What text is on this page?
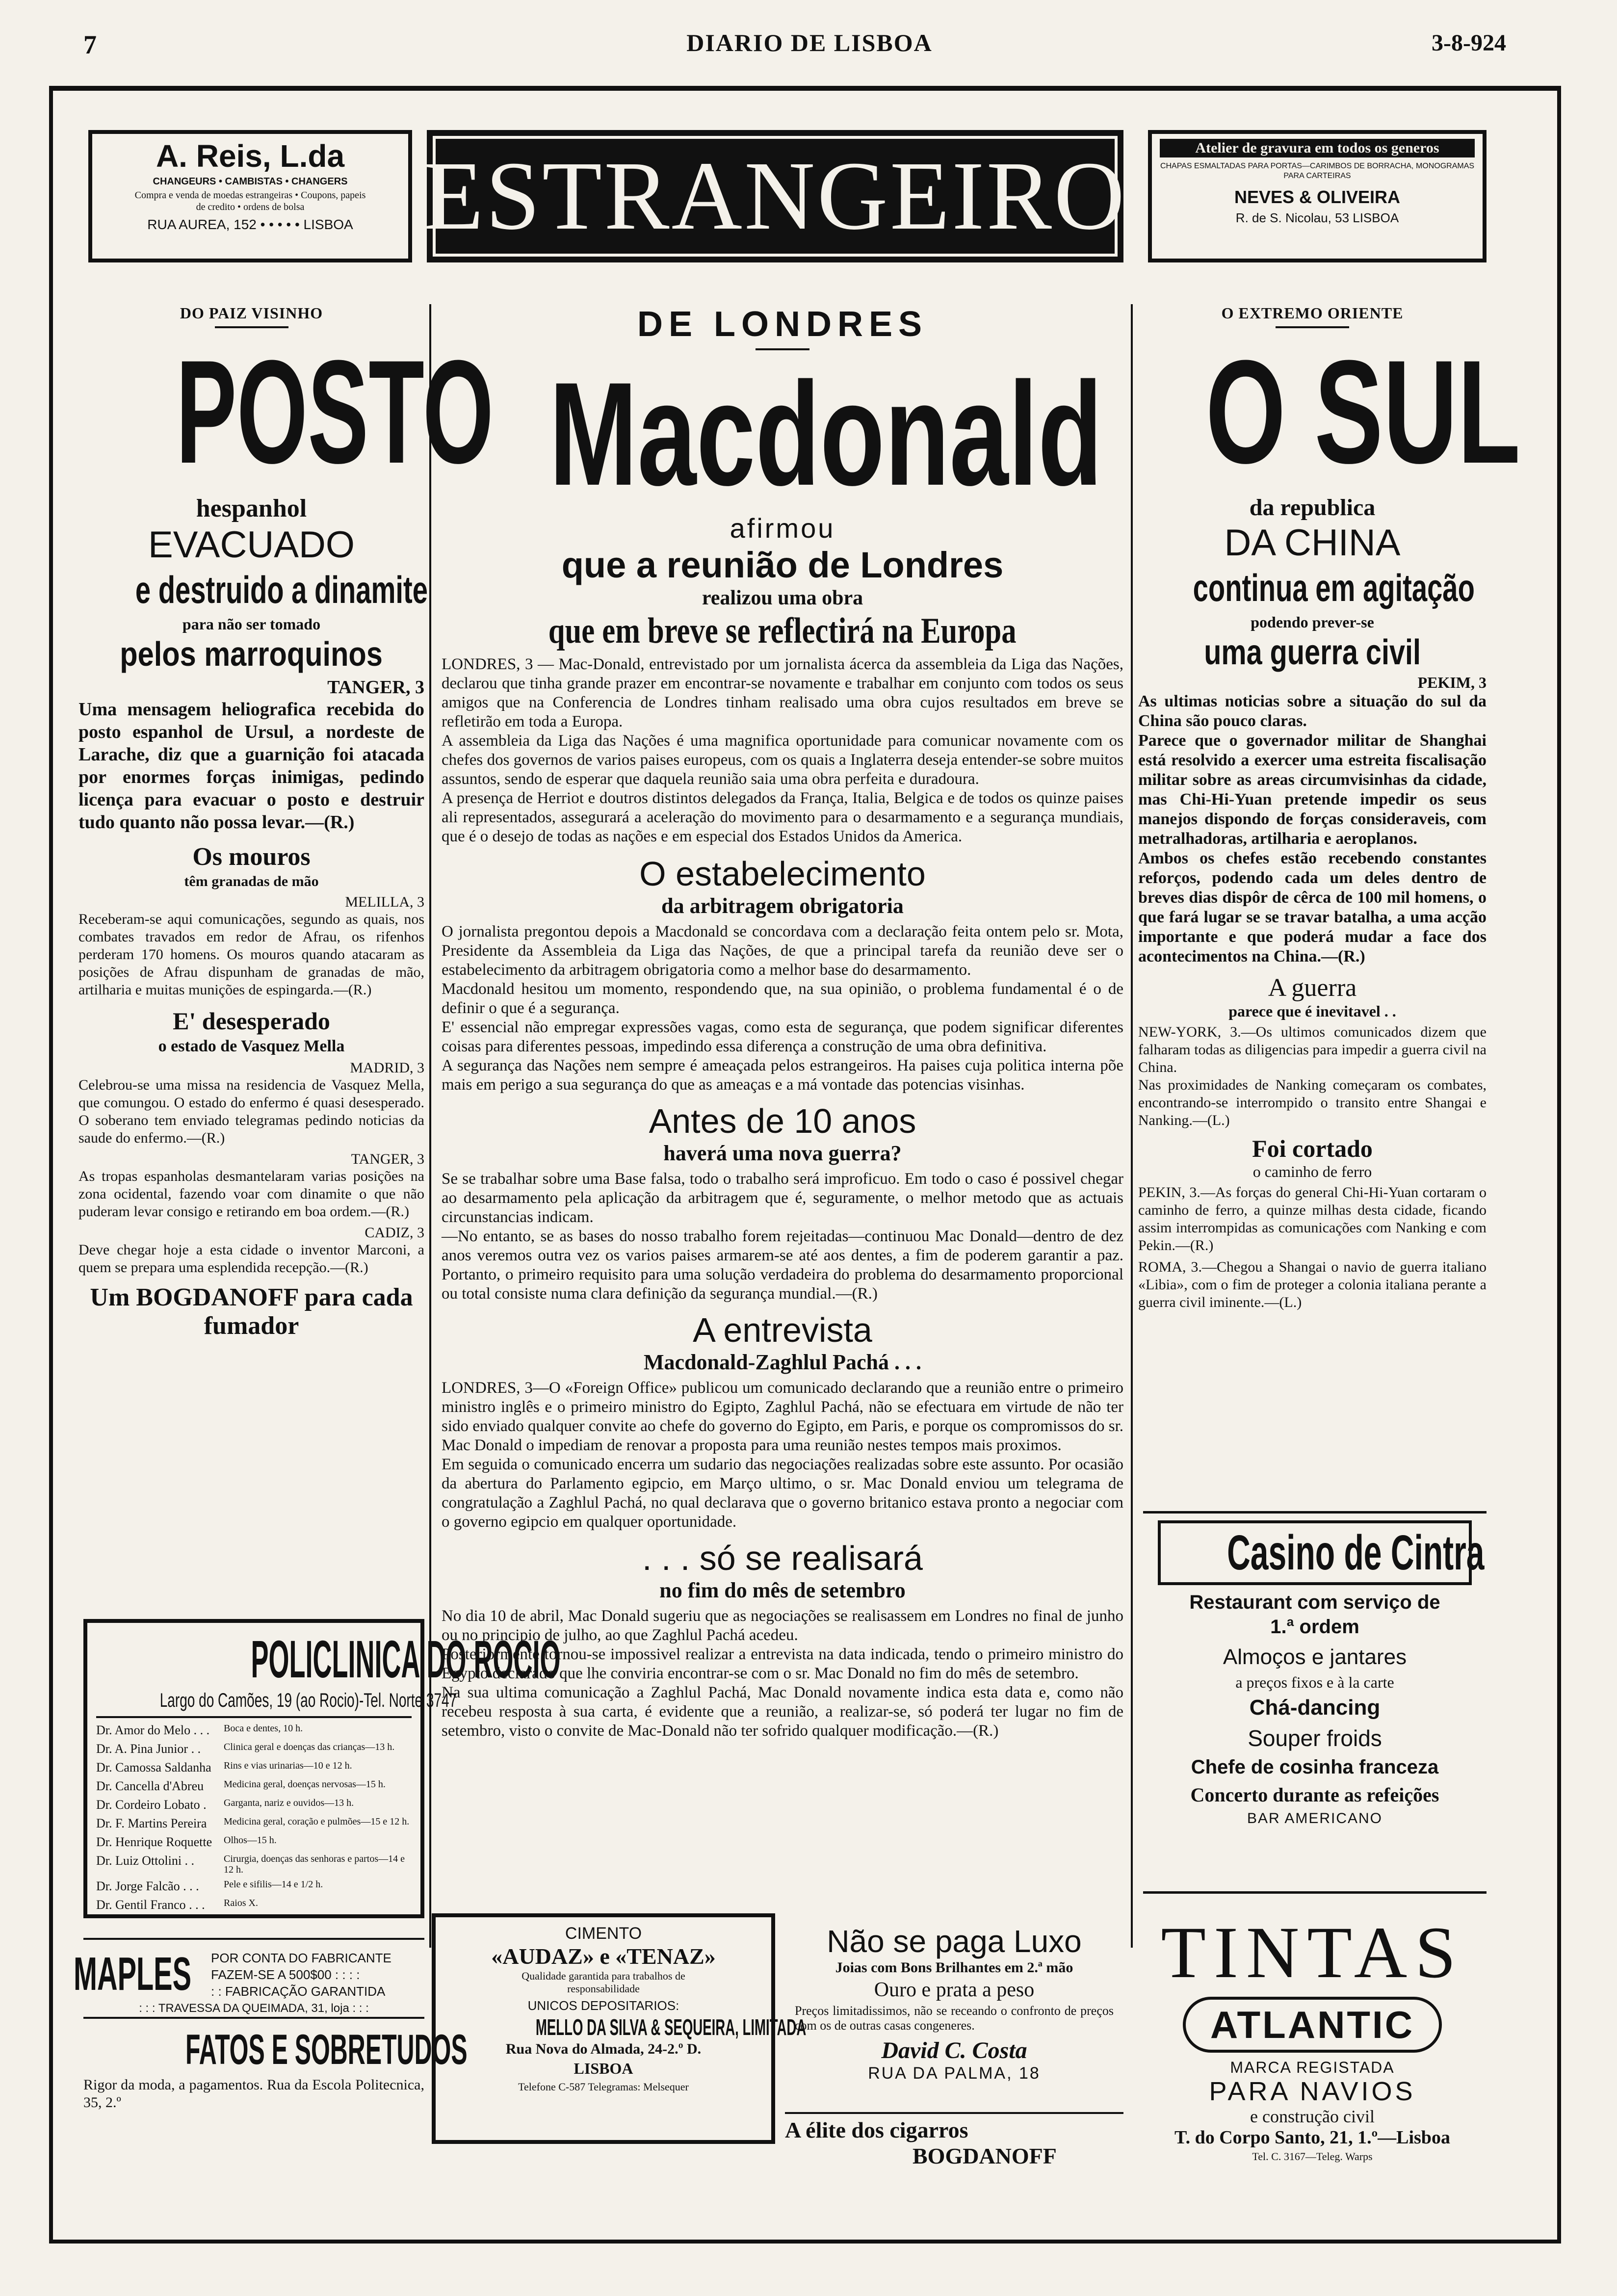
7	DIARIO DE LISBOA	3-8-924
A. Reis, L.da
CHANGEURS • CAMBISTAS • CHANGERS
Compra e venda de moedas estrangeiras • Coupons, papeis de credito • ordens de bolsa
RUA AUREA, 152 • • • • • LISBOA ESTRANGEIRO	Atelier de gravura em todos os generos
CHAPAS ESMALTADAS PARA PORTAS—CARIMBOS DE BORRACHA, MONOGRAMAS PARA CARTEIRAS
NEVES & OLIVEIRA
R. de S. Nicolau, 53 LISBOA
DO PAIZ VISINHO
POSTO
hespanhol
EVACUADO
e destruido a dinamite
para não ser tomado
pelos marroquinos
TANGER, 3
Uma mensagem heliografica recebida do posto espanhol de Ursul, a nordeste de Larache, diz que a guarnição foi atacada por enormes forças inimigas, pedindo licença para evacuar o posto e destruir tudo quanto não possa levar.—(R.)
Os mouros
têm granadas de mão
MELILLA, 3
Receberam-se aqui comunicações, segundo as quais, nos combates travados em redor de Afrau, os rifenhos perderam 170 homens. Os mouros quando atacaram as posições de Afrau dispunham de granadas de mão, artilharia e muitas munições de espingarda.—(R.)
E' desesperado
o estado de Vasquez Mella
MADRID, 3
Celebrou-se uma missa na residencia de Vasquez Mella, que comungou. O estado do enfermo é quasi desesperado. O soberano tem enviado telegramas pedindo noticias da saude do enfermo.—(R.)
TANGER, 3
As tropas espanholas desmantelaram varias posições na zona ocidental, fazendo voar com dinamite o que não puderam levar consigo e retirando em boa ordem.—(R.)
CADIZ, 3
Deve chegar hoje a esta cidade o inventor Marconi, a quem se prepara uma esplendida recepção.—(R.)
Um BOGDANOFF para cada fumador
POLICLINICA DO ROCIO
Largo do Camões, 19 (ao Rocio)-Tel. Norte 3747
Dr. Amor do Melo . . .	Boca e dentes, 10 h.
Dr. A. Pina Junior . .	Clinica geral e doenças das crianças—13 h.
Dr. Camossa Saldanha	Rins e vias urinarias—10 e 12 h.
Dr. Cancella d'Abreu	Medicina geral, doenças nervosas—15 h.
Dr. Cordeiro Lobato .	Garganta, nariz e ouvidos—13 h.
Dr. F. Martins Pereira	Medicina geral, coração e pulmões—15 e 12 h.
Dr. Henrique Roquette	Olhos—15 h.
Dr. Luiz Ottolini . .	Cirurgia, doenças das senhoras e partos—14 e 12 h.
Dr. Jorge Falcão . . .	Pele e sifilis—14 e 1/2 h.
Dr. Gentil Franco . . .	Raios X.
MAPLES POR CONTA DO FABRICANTE
FAZEM-SE A 500$00 : : : :
: : FABRICAÇÃO GARANTIDA
: : : TRAVESSA DA QUEIMADA, 31, loja : : :
FATOS E SOBRETUDOS
Rigor da moda, a pagamentos. Rua da Escola Politecnica, 35, 2.º
DE LONDRES
Macdonald
afirmou
que a reunião de Londres
realizou uma obra
que em breve se reflectirá na Europa
LONDRES, 3 — Mac-Donald, entrevistado por um jornalista ácerca da assembleia da Liga das Nações, declarou que tinha grande prazer em encontrar-se novamente e trabalhar em conjunto com todos os seus amigos que na Conferencia de Londres tinham realisado uma obra cujos resultados em breve se refletirão em toda a Europa.
A assembleia da Liga das Nações é uma magnifica oportunidade para comunicar novamente com os chefes dos governos de varios paises europeus, com os quais a Inglaterra deseja entender-se sobre muitos assuntos, sendo de esperar que daquela reunião saia uma obra perfeita e duradoura.
A presença de Herriot e doutros distintos delegados da França, Italia, Belgica e de todos os quinze paises ali representados, assegurará a aceleração do movimento para o desarmamento e a segurança mundiais, que é o desejo de todas as nações e em especial dos Estados Unidos da America.
O estabelecimento
da arbitragem obrigatoria
O jornalista pregontou depois a Macdonald se concordava com a declaração feita ontem pelo sr. Mota, Presidente da Assembleia da Liga das Nações, de que a principal tarefa da reunião deve ser o estabelecimento da arbitragem obrigatoria como a melhor base do desarmamento.
Macdonald hesitou um momento, respondendo que, na sua opinião, o problema fundamental é o de definir o que é a segurança.
E' essencial não empregar expressões vagas, como esta de segurança, que podem significar diferentes coisas para diferentes pessoas, impedindo essa diferença a construção de uma obra definitiva.
A segurança das Nações nem sempre é ameaçada pelos estrangeiros. Ha paises cuja politica interna põe mais em perigo a sua segurança do que as ameaças e a má vontade das potencias visinhas.
Antes de 10 anos
haverá uma nova guerra?
Se se trabalhar sobre uma Base falsa, todo o trabalho será improficuo. Em todo o caso é possivel chegar ao desarmamento pela aplicação da arbitragem que é, seguramente, o melhor metodo que as actuais circunstancias indicam.
—No entanto, se as bases do nosso trabalho forem rejeitadas—continuou Mac Donald—dentro de dez anos veremos outra vez os varios paises armarem-se até aos dentes, a fim de poderem garantir a paz. Portanto, o primeiro requisito para uma solução verdadeira do problema do desarmamento proporcional ou total consiste numa clara definição da segurança mundial.—(R.)
A entrevista
Macdonald-Zaghlul Pachá . . .
LONDRES, 3—O «Foreign Office» publicou um comunicado declarando que a reunião entre o primeiro ministro inglês e o primeiro ministro do Egipto, Zaghlul Pachá, não se efectuara em virtude de não ter sido enviado qualquer convite ao chefe do governo do Egipto, em Paris, e porque os compromissos do sr. Mac Donald o impediam de renovar a proposta para uma reunião nestes tempos mais proximos.
Em seguida o comunicado encerra um sudario das negociações realizadas sobre este assunto. Por ocasião da abertura do Parlamento egipcio, em Março ultimo, o sr. Mac Donald enviou um telegrama de congratulação a Zaghlul Pachá, no qual declarava que o governo britanico estava pronto a negociar com o governo egipcio em qualquer oportunidade.
. . . só se realisará
no fim do mês de setembro
No dia 10 de abril, Mac Donald sugeriu que as negociações se realisassem em Londres no final de junho ou no principio de julho, ao que Zaghlul Pachá acedeu.
Posteriormente tornou-se impossivel realizar a entrevista na data indicada, tendo o primeiro ministro do Egypto declarado que lhe conviria encontrar-se com o sr. Mac Donald no fim do mês de setembro.
Na sua ultima comunicação a Zaghlul Pachá, Mac Donald novamente indica esta data e, como não recebeu resposta à sua carta, é evidente que a reunião, a realizar-se, só poderá ter lugar no fim de setembro, visto o convite de Mac-Donald não ter sofrido qualquer modificação.—(R.)
CIMENTO
«AUDAZ» e «TENAZ»
Qualidade garantida para trabalhos de responsabilidade
UNICOS DEPOSITARIOS:
MELLO DA SILVA & SEQUEIRA, LIMITADA
Rua Nova do Almada, 24-2.º D.
LISBOA
Telefone C-587 Telegramas: Melsequer
Não se paga Luxo
Joias com Bons Brilhantes em 2.ª mão
Ouro e prata a peso
Preços limitadissimos, não se receando o confronto de preços com os de outras casas congeneres.
David C. Costa
RUA DA PALMA, 18
A élite dos cigarros
BOGDANOFF
O EXTREMO ORIENTE
O SUL
da republica
DA CHINA
continua em agitação
podendo prever-se
uma guerra civil
PEKIM, 3
As ultimas noticias sobre a situação do sul da China são pouco claras.
Parece que o governador militar de Shanghai está resolvido a exercer uma estreita fiscalisação militar sobre as areas circumvisinhas da cidade, mas Chi-Hi-Yuan pretende impedir os seus manejos dispondo de forças consideraveis, com metralhadoras, artilharia e aeroplanos.
Ambos os chefes estão recebendo constantes reforços, podendo cada um deles dentro de breves dias dispôr de cêrca de 100 mil homens, o que fará lugar se se travar batalha, a uma acção importante e que poderá mudar a face dos acontecimentos na China.—(R.)
A guerra
parece que é inevitavel . .
NEW-YORK, 3.—Os ultimos comunicados dizem que falharam todas as diligencias para impedir a guerra civil na China.
Nas proximidades de Nanking começaram os combates, encontrando-se interrompido o transito entre Shangai e Nanking.—(L.)
Foi cortado
o caminho de ferro
PEKIN, 3.—As forças do general Chi-Hi-Yuan cortaram o caminho de ferro, a quinze milhas desta cidade, ficando assim interrompidas as comunicações com Nanking e com Pekin.—(R.)
ROMA, 3.—Chegou a Shangai o navio de guerra italiano «Libia», com o fim de proteger a colonia italiana perante a guerra civil iminente.—(L.)
Casino de Cintra
Restaurant com serviço de 1.ª ordem
Almoços e jantares
a preços fixos e à la carte
Chá-dancing
Souper froids
Chefe de cosinha franceza
Concerto durante as refeições
BAR AMERICANO
TINTAS
ATLANTIC
MARCA REGISTADA
PARA NAVIOS
e construção civil
T. do Corpo Santo, 21, 1.º—Lisboa
Tel. C. 3167—Teleg. Warps
